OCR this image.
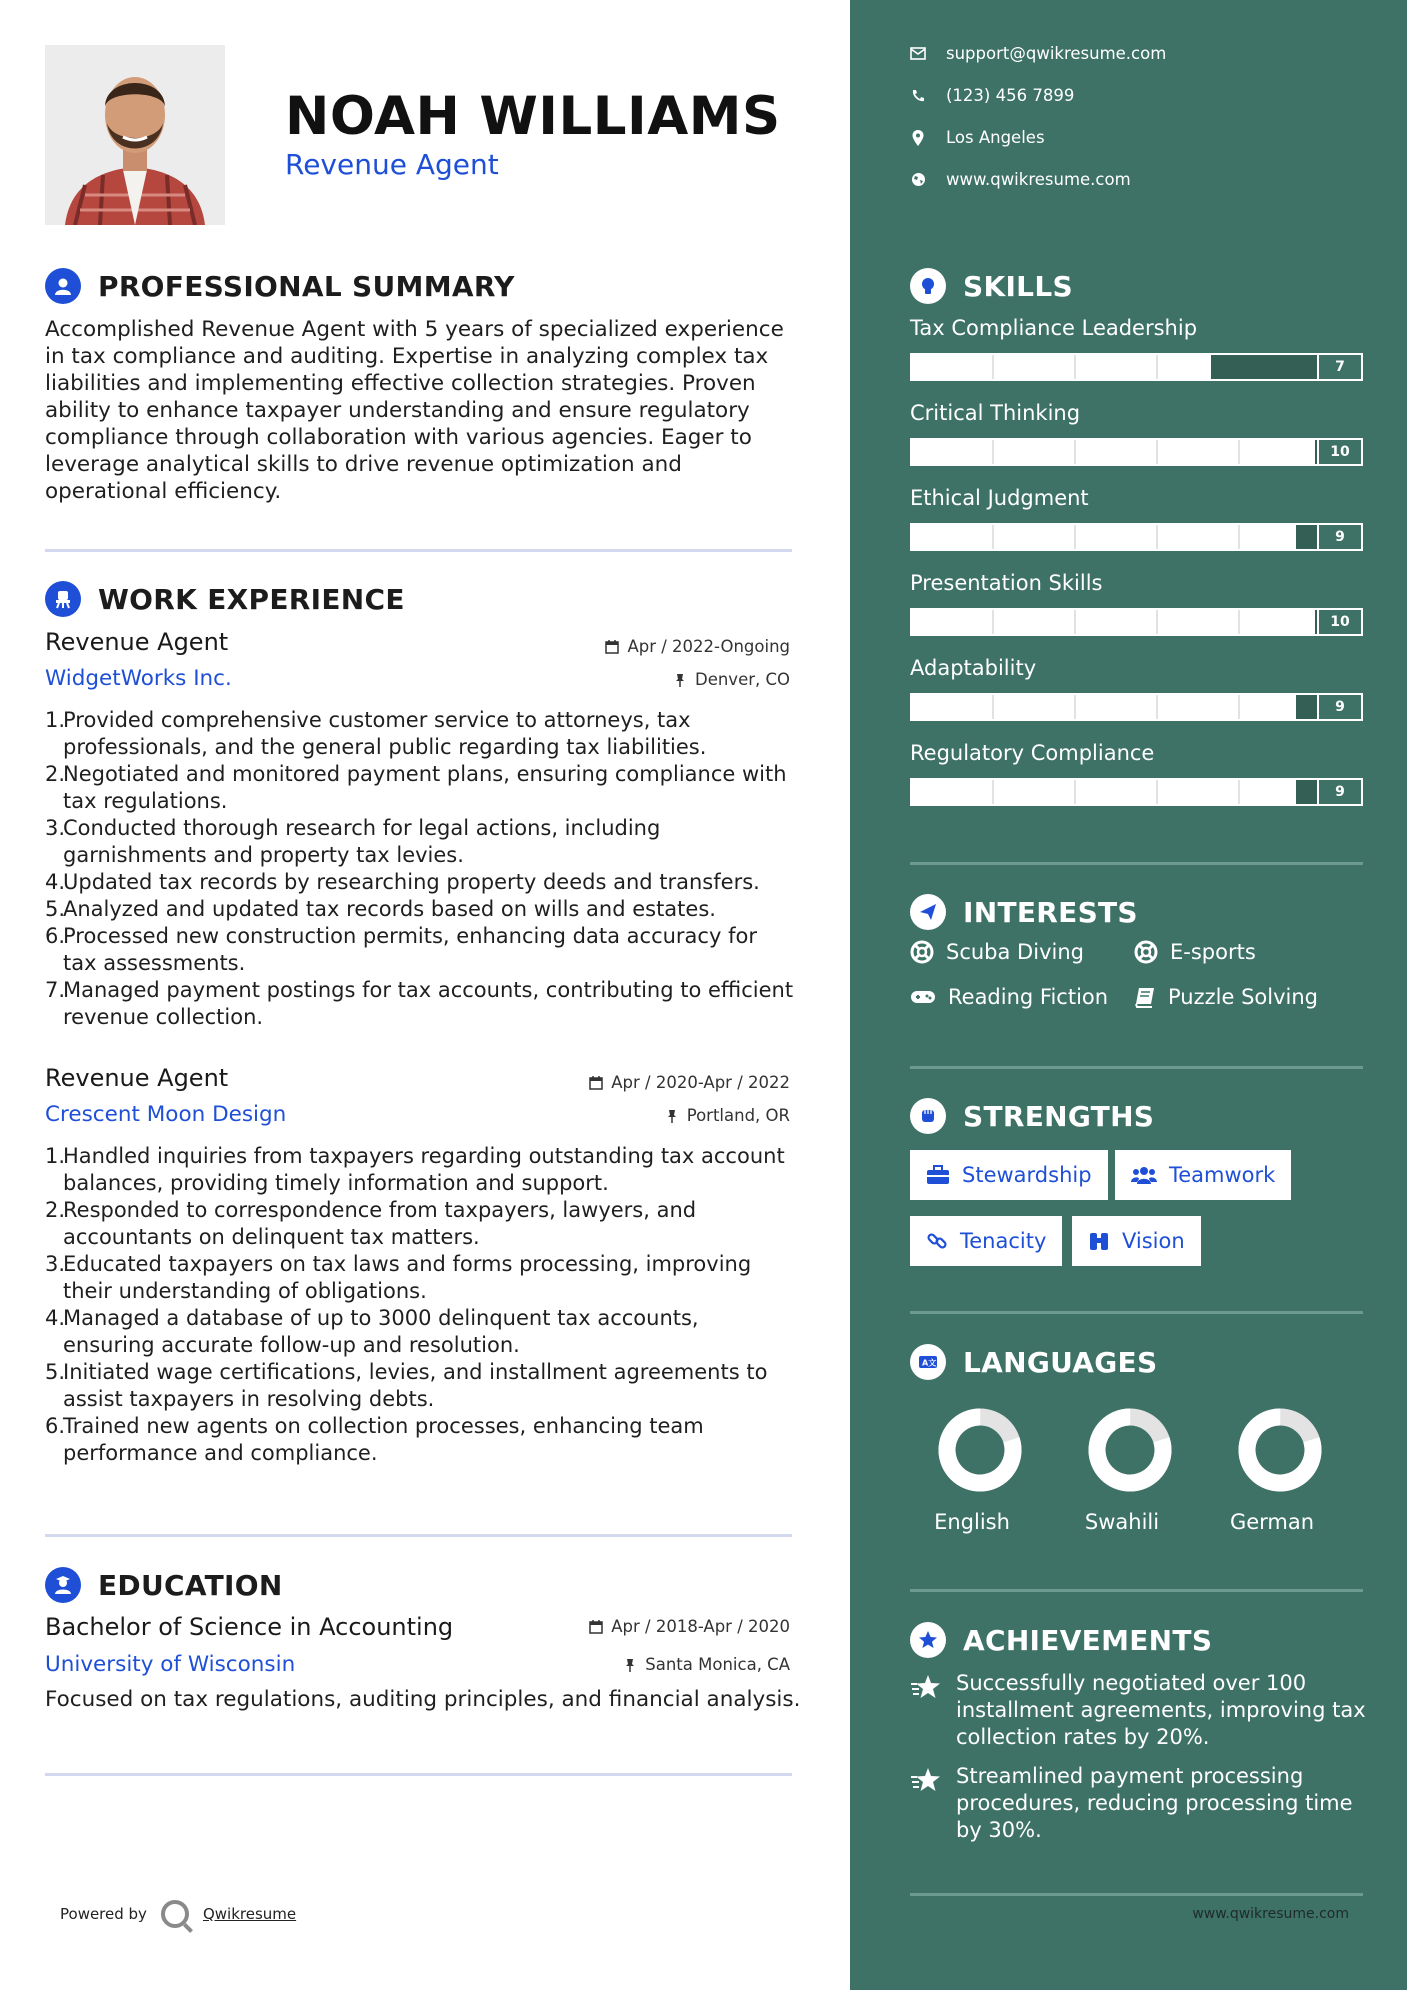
NOAH WILLIAMS
Revenue Agent
PROFESSIONAL SUMMARY
Accomplished Revenue Agent with 5 years of specialized experience in tax compliance and auditing. Expertise in analyzing complex tax liabilities and implementing effective collection strategies. Proven ability to enhance taxpayer understanding and ensure regulatory compliance through collaboration with various agencies. Eager to leverage analytical skills to drive revenue optimization and operational efficiency.
WORK EXPERIENCE
Revenue Agent
WidgetWorks Inc.
Apr / 2022-Ongoing
Denver, CO
1.
Provided comprehensive customer service to attorneys, tax professionals, and the general public regarding tax liabilities.
2.
Negotiated and monitored payment plans, ensuring compliance with tax regulations.
3.
Conducted thorough research for legal actions, including garnishments and property tax levies.
4.
Updated tax records by researching property deeds and transfers.
5.
Analyzed and updated tax records based on wills and estates.
6.
Processed new construction permits, enhancing data accuracy for tax assessments.
7.
Managed payment postings for tax accounts, contributing to efficient revenue collection.
Revenue Agent
Crescent Moon Design
Apr / 2020-Apr / 2022
Portland, OR
1.
Handled inquiries from taxpayers regarding outstanding tax account balances, providing timely information and support.
2.
Responded to correspondence from taxpayers, lawyers, and accountants on delinquent tax matters.
3.
Educated taxpayers on tax laws and forms processing, improving their understanding of obligations.
4.
Managed a database of up to 3000 delinquent tax accounts, ensuring accurate follow-up and resolution.
5.
Initiated wage certifications, levies, and installment agreements to assist taxpayers in resolving debts.
6.
Trained new agents on collection processes, enhancing team performance and compliance.
EDUCATION
Bachelor of Science in Accounting
University of Wisconsin
Apr / 2018-Apr / 2020
Santa Monica, CA
Focused on tax regulations, auditing principles, and financial analysis.
Powered by	Qwikresume
support@qwikresume.com
(123) 456 7899
Los Angeles
www.qwikresume.com
SKILLS
Tax Compliance Leadership
7
Critical Thinking
10
Ethical Judgment
9
Presentation Skills
10
Adaptability
9
Regulatory Compliance
9
INTERESTS
Scuba Diving	E-sports
Reading Fiction	Puzzle Solving
STRENGTHS
Stewardship	Teamwork
Tenacity	Vision
A文 LANGUAGES
English	Swahili	German
ACHIEVEMENTS
Successfully negotiated over 100 installment agreements, improving tax collection rates by 20%.
Streamlined payment processing procedures, reducing processing time by 30%.
www.qwikresume.com
